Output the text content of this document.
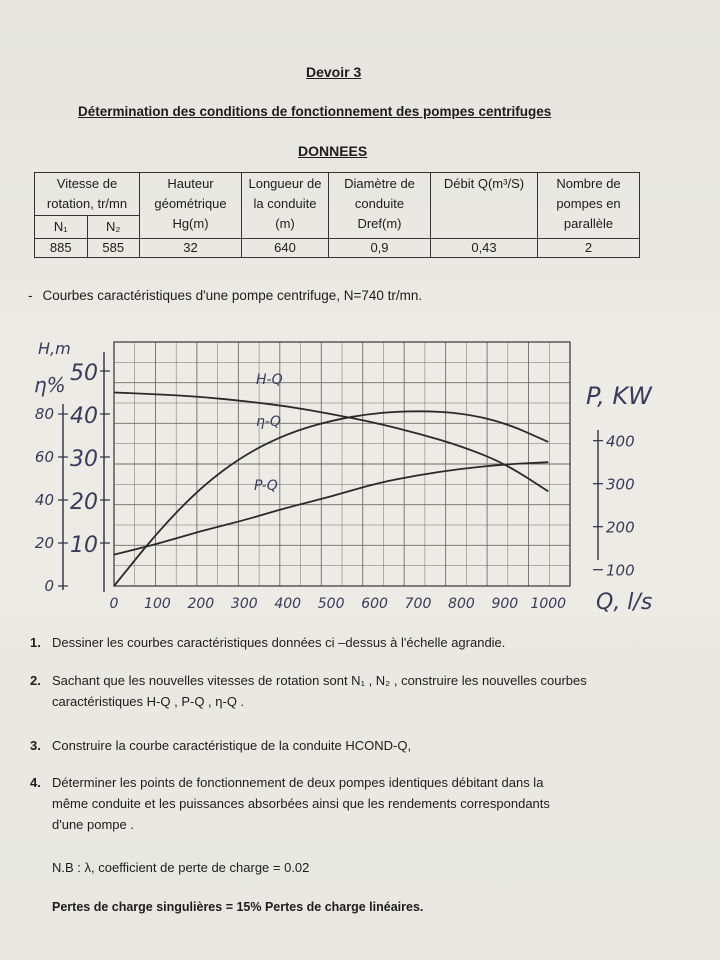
Devoir 3
Détermination des conditions de fonctionnement des pompes centrifuges
DONNEES
Vitesse de rotation, tr/mn		Hauteur géométrique Hg(m)	Longueur de la conduite (m)	Diamètre de conduite Dref(m)	Débit Q(m³/S)	Nombre de pompes en parallèle
N₁	N₂					
885	585	32	640	0,9	0,43	2
- Courbes caractéristiques d'une pompe centrifuge, N=740 tr/mn.
50
40
30
20
10
80
60
40
20
0
400
300
200
100
H,m
η%	P, KW
0 100 200 300 400 500 600 700 800 900 1000 Q, l/s
H-Q
η-Q
P-Q
1. Dessiner les courbes caractéristiques données ci –dessus à l'échelle agrandie.
2. Sachant que les nouvelles vitesses de rotation sont N₁ , N₂ , construire les nouvelles courbes
caractéristiques H-Q , P-Q , η-Q .
3. Construire la courbe caractéristique de la conduite HCOND-Q,
4. Déterminer les points de fonctionnement de deux pompes identiques débitant dans la
même conduite et les puissances absorbées ainsi que les rendements correspondants
d'une pompe .
N.B : λ, coefficient de perte de charge = 0.02
Pertes de charge singulières = 15% Pertes de charge linéaires.
